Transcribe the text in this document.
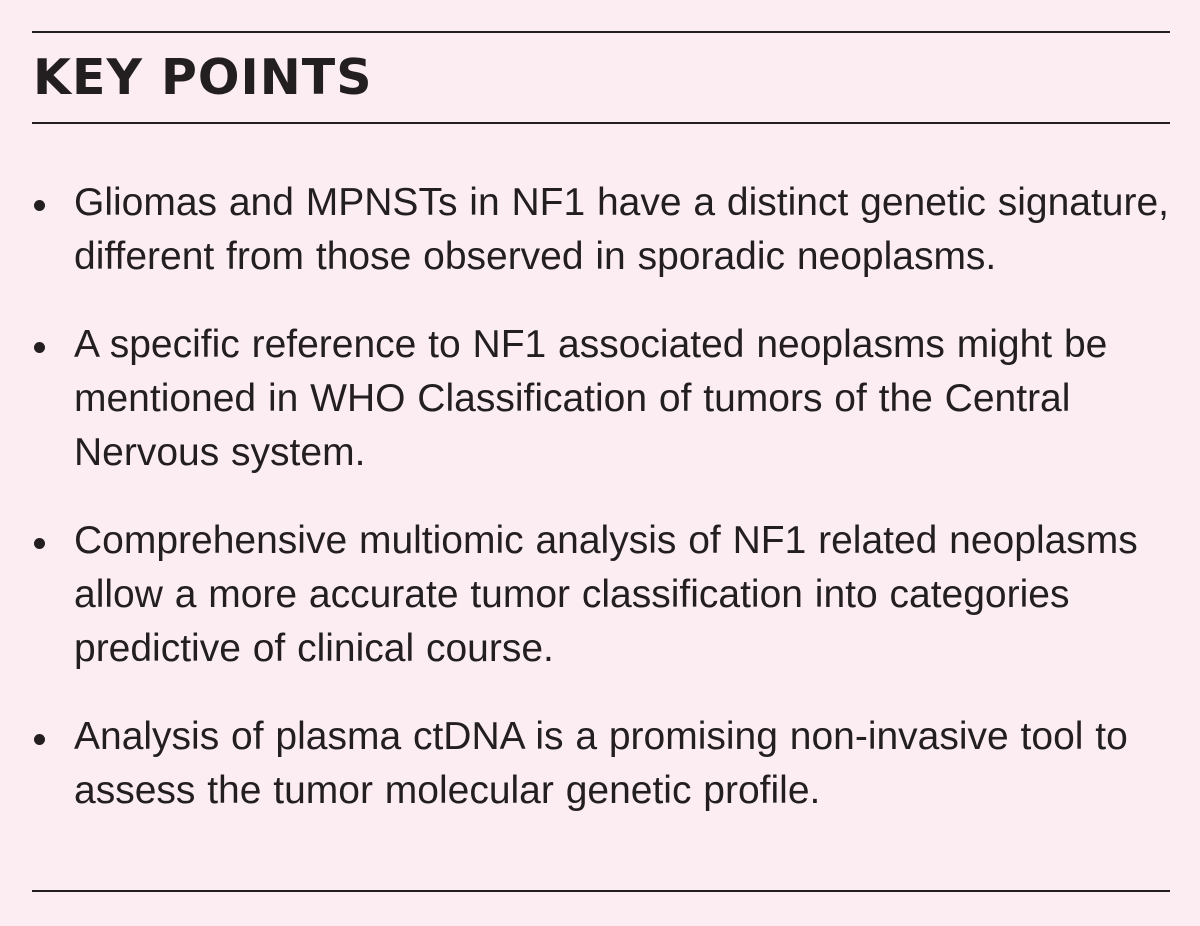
KEY POINTS
Gliomas and MPNSTs in NF1 have a distinct genetic signature, different from those observed in sporadic neoplasms.
A specific reference to NF1 associated neoplasms might be mentioned in WHO Classification of tumors of the Central Nervous system.
Comprehensive multiomic analysis of NF1 related neoplasms allow a more accurate tumor classification into categories predictive of clinical course.
Analysis of plasma ctDNA is a promising non-invasive tool to assess the tumor molecular genetic profile.
